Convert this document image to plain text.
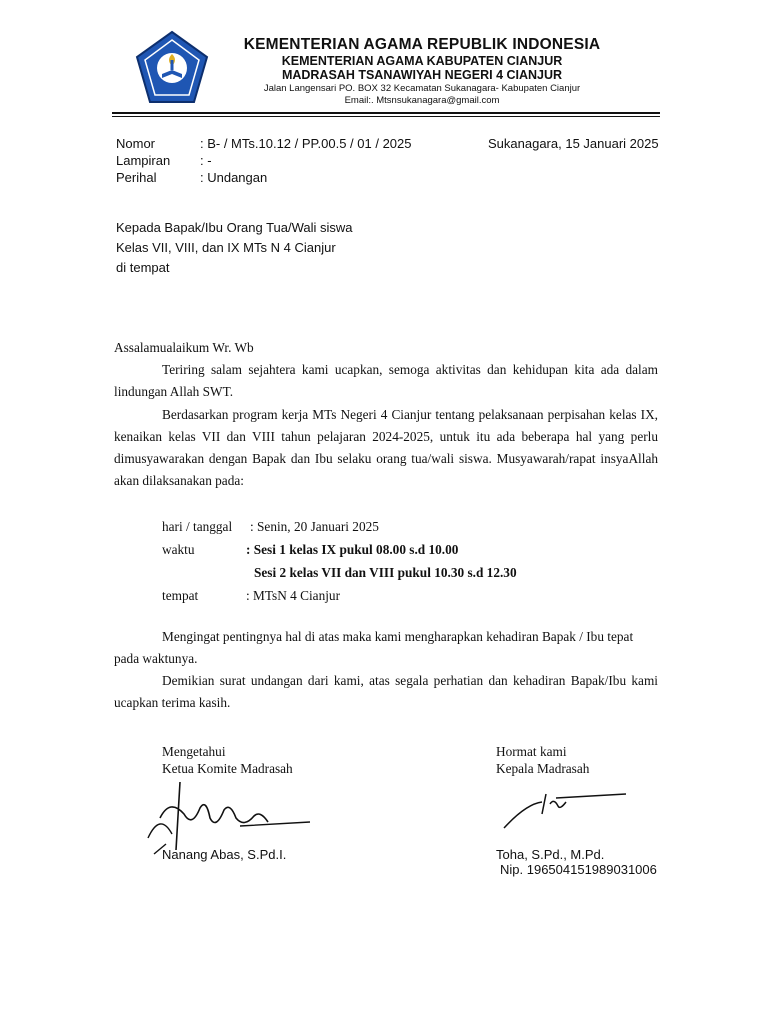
KEMENTERIAN AGAMA REPUBLIK INDONESIA
KEMENTERIAN AGAMA KABUPATEN CIANJUR
MADRASAH TSANAWIYAH NEGERI 4 CIANJUR
Jalan Langensari PO. BOX 32 Kecamatan Sukanagara- Kabupaten Cianjur
Email:. Mtsnsukanagara@gmail.com
Nomor	: B- / MTs.10.12 / PP.00.5 / 01 / 2025	Sukanagara, 15 Januari 2025
Lampiran : -
Perihal	: Undangan
Kepada Bapak/Ibu Orang Tua/Wali siswa
Kelas VII, VIII, dan IX MTs N 4 Cianjur
di tempat
Assalamualaikum Wr. Wb
Teriring salam sejahtera kami ucapkan, semoga aktivitas dan kehidupan kita ada dalam lindungan Allah SWT.
Berdasarkan program kerja MTs Negeri 4 Cianjur tentang pelaksanaan perpisahan kelas IX, kenaikan kelas VII dan VIII tahun pelajaran 2024-2025, untuk itu ada beberapa hal yang perlu dimusyawarakan dengan Bapak dan Ibu selaku orang tua/wali siswa. Musyawarah/rapat insyaAllah akan dilaksanakan pada:
hari / tanggal : Senin, 20 Januari 2025
waktu	: Sesi 1 kelas IX pukul 08.00 s.d 10.00
Sesi 2 kelas VII dan VIII pukul 10.30 s.d 12.30
tempat	: MTsN 4 Cianjur
Mengingat pentingnya hal di atas maka kami mengharapkan kehadiran Bapak / Ibu tepat pada waktunya.
Demikian surat undangan dari kami, atas segala perhatian dan kehadiran Bapak/Ibu kami ucapkan terima kasih.
Mengetahui
Ketua Komite Madrasah
Nanang Abas, S.Pd.I.
Hormat kami
Kepala Madrasah
Toha, S.Pd., M.Pd.
Nip. 196504151989031006
